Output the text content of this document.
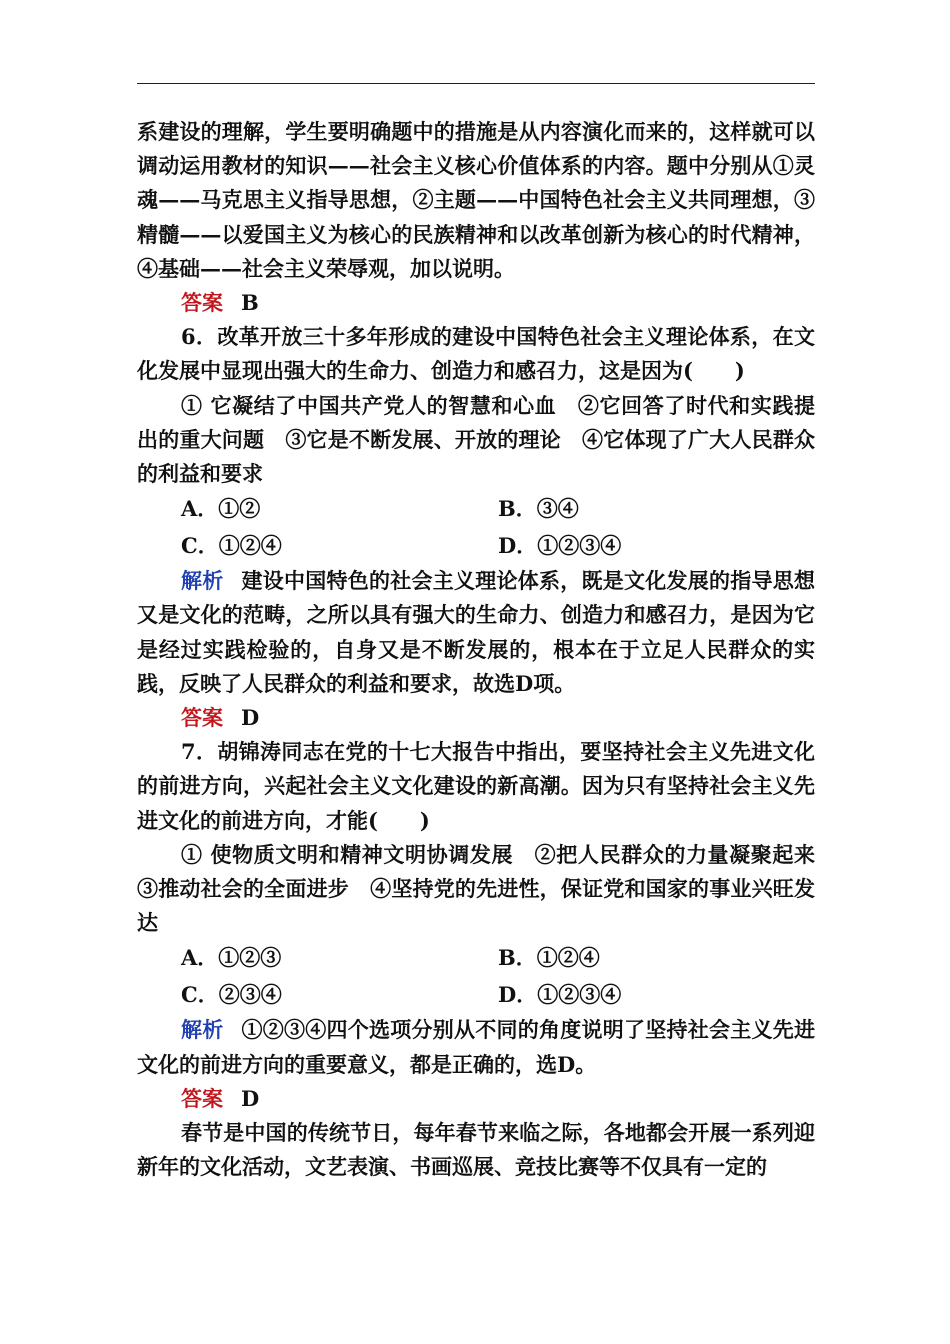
系建设的理解，学生要明确题中的措施是从内容演化而来的，这样就可以调动运用教材的知识——社会主义核心价值体系的内容。题中分别从①灵魂——马克思主义指导思想，②主题——中国特色社会主义共同理想，③精髓——以爱国主义为核心的民族精神和以改革创新为核心的时代精神，④基础——社会主义荣辱观，加以说明。

答案 B

6．改革开放三十多年形成的建设中国特色社会主义理论体系，在文化发展中显现出强大的生命力、创造力和感召力，这是因为(　　)

① 它凝结了中国共产党人的智慧和心血　②它回答了时代和实践提出的重大问题　③它是不断发展、开放的理论　④它体现了广大人民群众的利益和要求

A．①②	B．③④
C．①②④	D．①②③④

解析 建设中国特色的社会主义理论体系，既是文化发展的指导思想又是文化的范畴，之所以具有强大的生命力、创造力和感召力，是因为它是经过实践检验的，自身又是不断发展的，根本在于立足人民群众的实践，反映了人民群众的利益和要求，故选D项。

答案 D

7．胡锦涛同志在党的十七大报告中指出，要坚持社会主义先进文化的前进方向，兴起社会主义文化建设的新高潮。因为只有坚持社会主义先进文化的前进方向，才能(　　)

① 使物质文明和精神文明协调发展　②把人民群众的力量凝聚起来　③推动社会的全面进步　④坚持党的先进性，保证党和国家的事业兴旺发达

A．①②③	B．①②④
C．②③④	D．①②③④

解析 ①②③④四个选项分别从不同的角度说明了坚持社会主义先进文化的前进方向的重要意义，都是正确的，选D。

答案 D

春节是中国的传统节日，每年春节来临之际，各地都会开展一系列迎新年的文化活动，文艺表演、书画巡展、竞技比赛等不仅具有一定的
